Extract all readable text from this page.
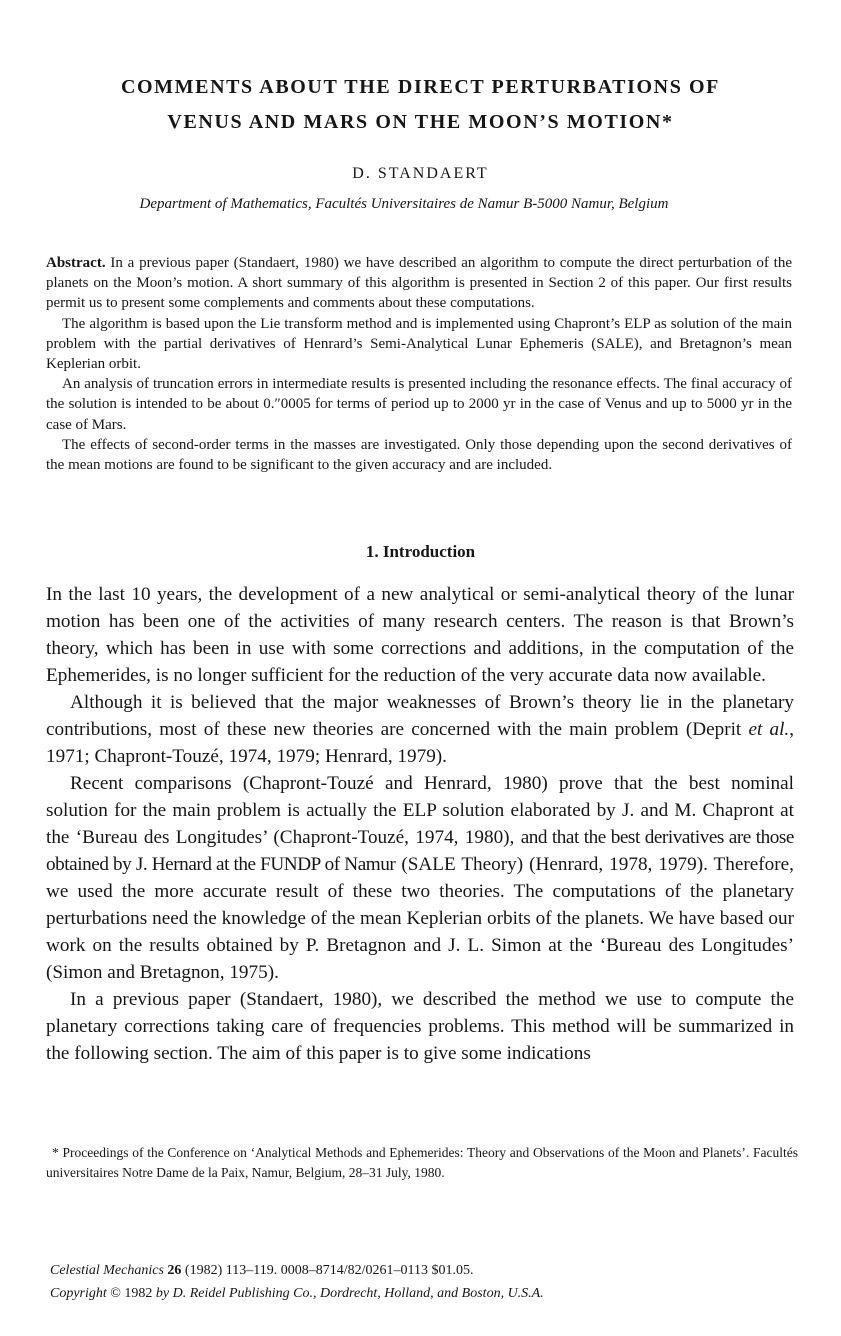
COMMENTS ABOUT THE DIRECT PERTURBATIONS OF
VENUS AND MARS ON THE MOON’S MOTION*
D. STANDAERT
Department of Mathematics, Facultés Universitaires de Namur B-5000 Namur, Belgium

Abstract. In a previous paper (Standaert, 1980) we have described an algorithm to compute the direct perturbation of the planets on the Moon’s motion. A short summary of this algorithm is presented in Section 2 of this paper. Our first results permit us to present some complements and comments about these computations.

The algorithm is based upon the Lie transform method and is implemented using Chapront’s ELP as solution of the main problem with the partial derivatives of Henrard’s Semi-Analytical Lunar Ephemeris (SALE), and Bretagnon’s mean Keplerian orbit.

An analysis of truncation errors in intermediate results is presented including the resonance effects. The final accuracy of the solution is intended to be about 0.″0005 for terms of period up to 2000 yr in the case of Venus and up to 5000 yr in the case of Mars.

The effects of second-order terms in the masses are investigated. Only those depending upon the second derivatives of the mean motions are found to be significant to the given accuracy and are included.

1. Introduction

In the last 10 years, the development of a new analytical or semi-analytical theory of the lunar motion has been one of the activities of many research centers. The reason is that Brown’s theory, which has been in use with some corrections and additions, in the computation of the Ephemerides, is no longer sufficient for the reduction of the very accurate data now available.

Although it is believed that the major weaknesses of Brown’s theory lie in the planetary contributions, most of these new theories are concerned with the main problem (Deprit et al., 1971; Chapront-Touzé, 1974, 1979; Henrard, 1979).

Recent comparisons (Chapront-Touzé and Henrard, 1980) prove that the best nominal solution for the main problem is actually the ELP solution elaborated by J. and M. Chapront at the ‘Bureau des Longitudes’ (Chapront-Touzé, 1974, 1980), and that the best derivatives are those obtained by J. Hernard at the FUNDP of Namur (SALE Theory) (Henrard, 1978, 1979). Therefore, we used the more accurate result of these two theories. The computations of the planetary perturbations need the knowledge of the mean Keplerian orbits of the planets. We have based our work on the results obtained by P. Bretagnon and J. L. Simon at the ‘Bureau des Longitudes’ (Simon and Bretagnon, 1975).

In a previous paper (Standaert, 1980), we described the method we use to compute the planetary corrections taking care of frequencies problems. This method will be summarized in the following section. The aim of this paper is to give some indications

* Proceedings of the Conference on ‘Analytical Methods and Ephemerides: Theory and Observations of the Moon and Planets’. Facultés universitaires Notre Dame de la Paix, Namur, Belgium, 28–31 July, 1980.

Celestial Mechanics 26 (1982) 113–119. 0008–8714/82/0261–0113 $01.05.
Copyright © 1982 by D. Reidel Publishing Co., Dordrecht, Holland, and Boston, U.S.A.
